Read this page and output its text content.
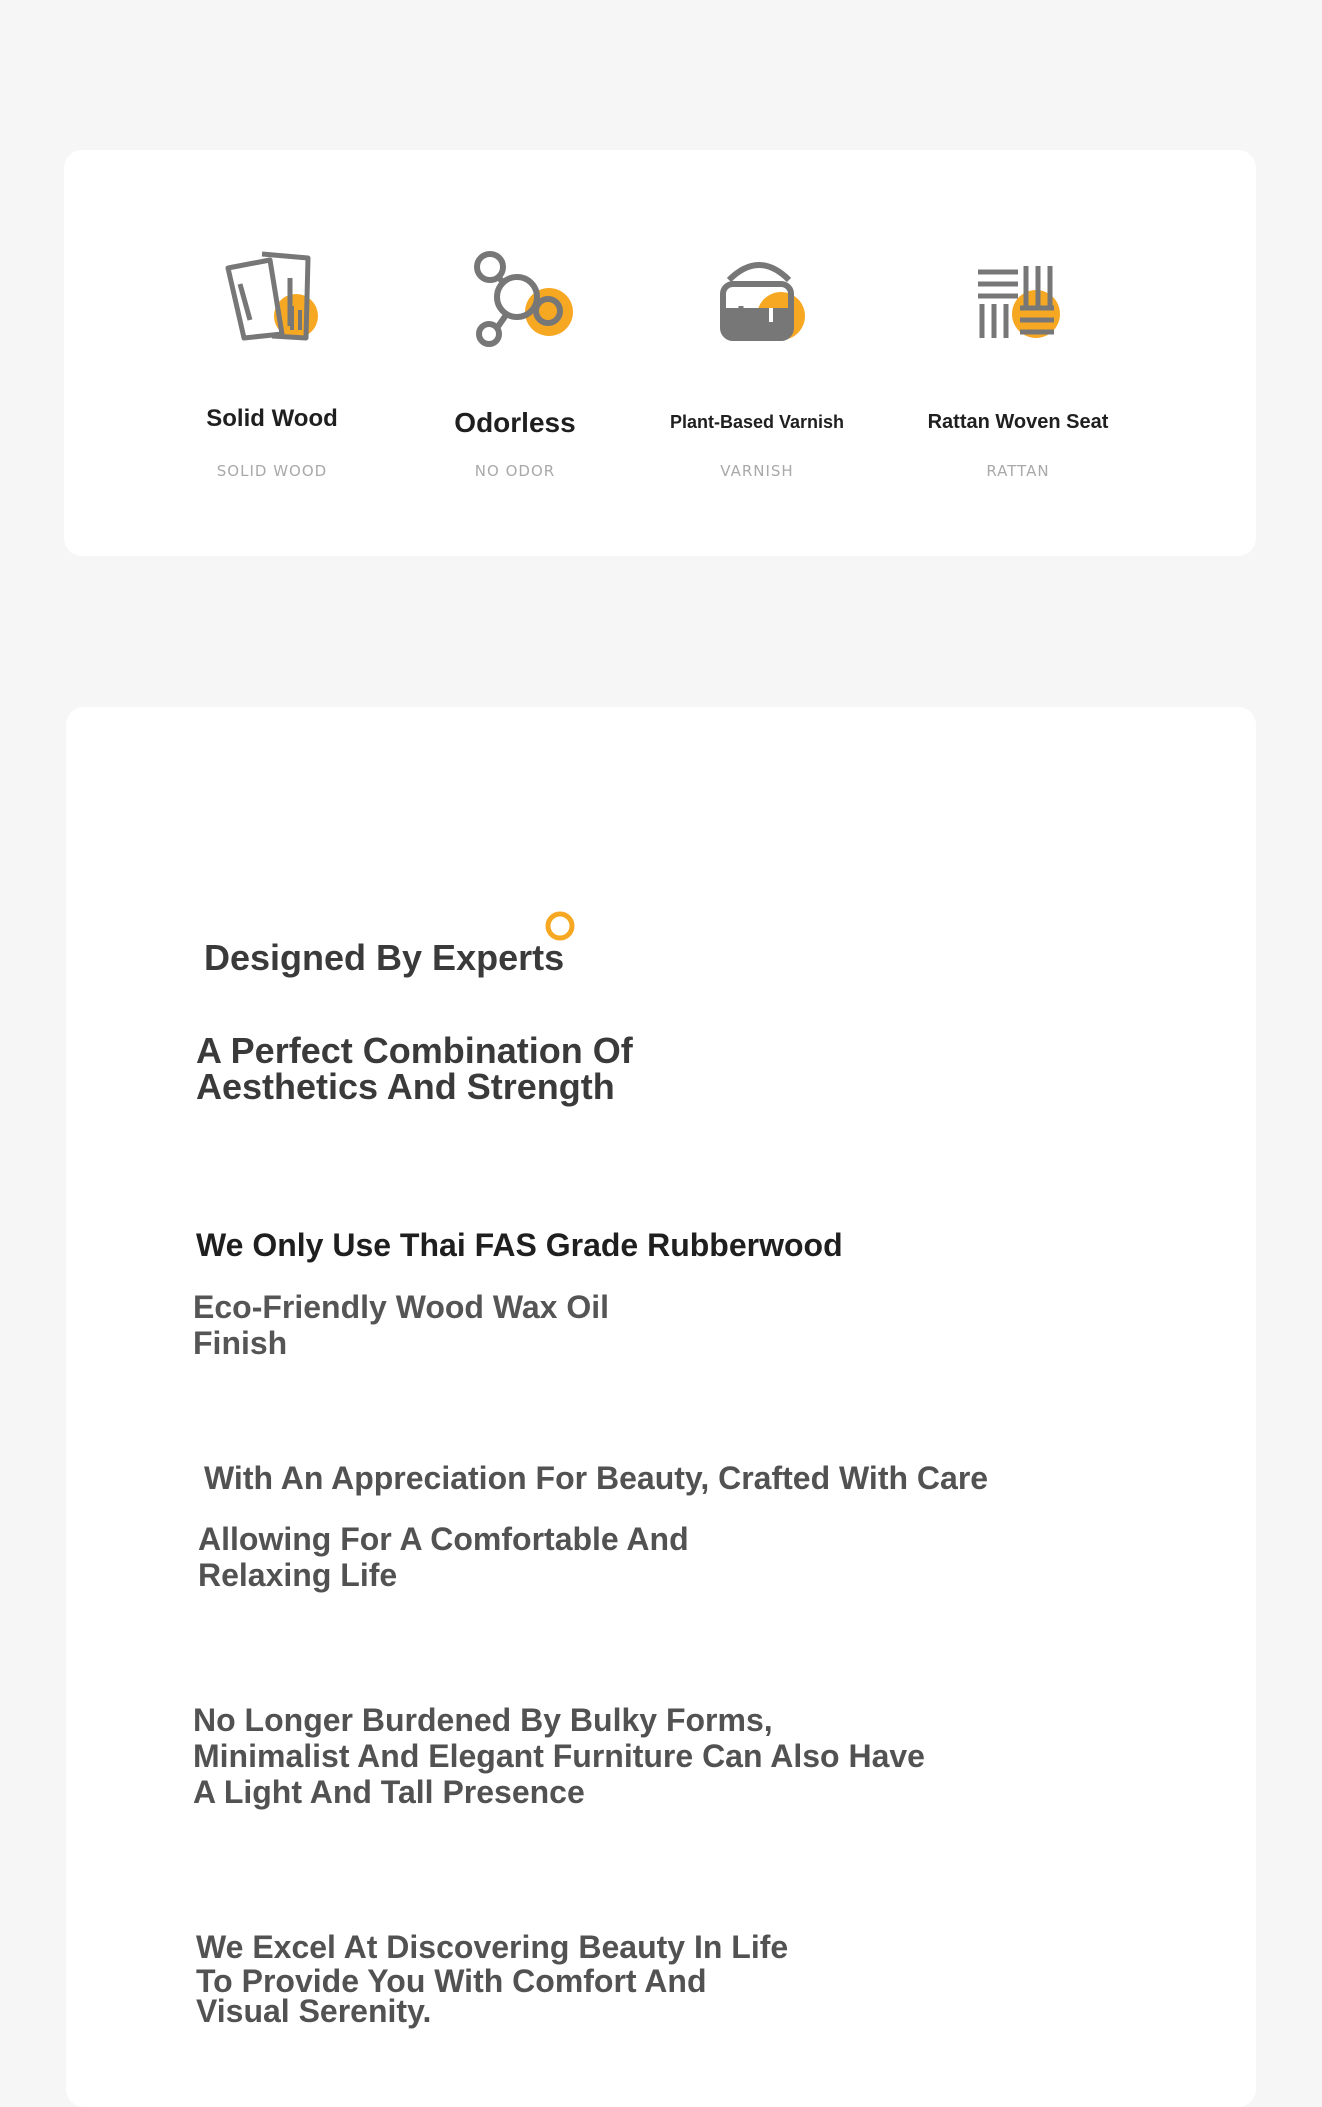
Solid Wood
SOLID WOOD
Odorless
NO ODOR
Plant-Based Varnish
VARNISH
Rattan Woven Seat
RATTAN
Designed By Experts
A Perfect Combination Of
Aesthetics And Strength
We Only Use Thai FAS Grade Rubberwood
Eco-Friendly Wood Wax Oil
Finish
With An Appreciation For Beauty, Crafted With Care
Allowing For A Comfortable And
Relaxing Life
No Longer Burdened By Bulky Forms,
Minimalist And Elegant Furniture Can Also Have
A Light And Tall Presence
We Excel At Discovering Beauty In Life
To Provide You With Comfort And
Visual Serenity.
